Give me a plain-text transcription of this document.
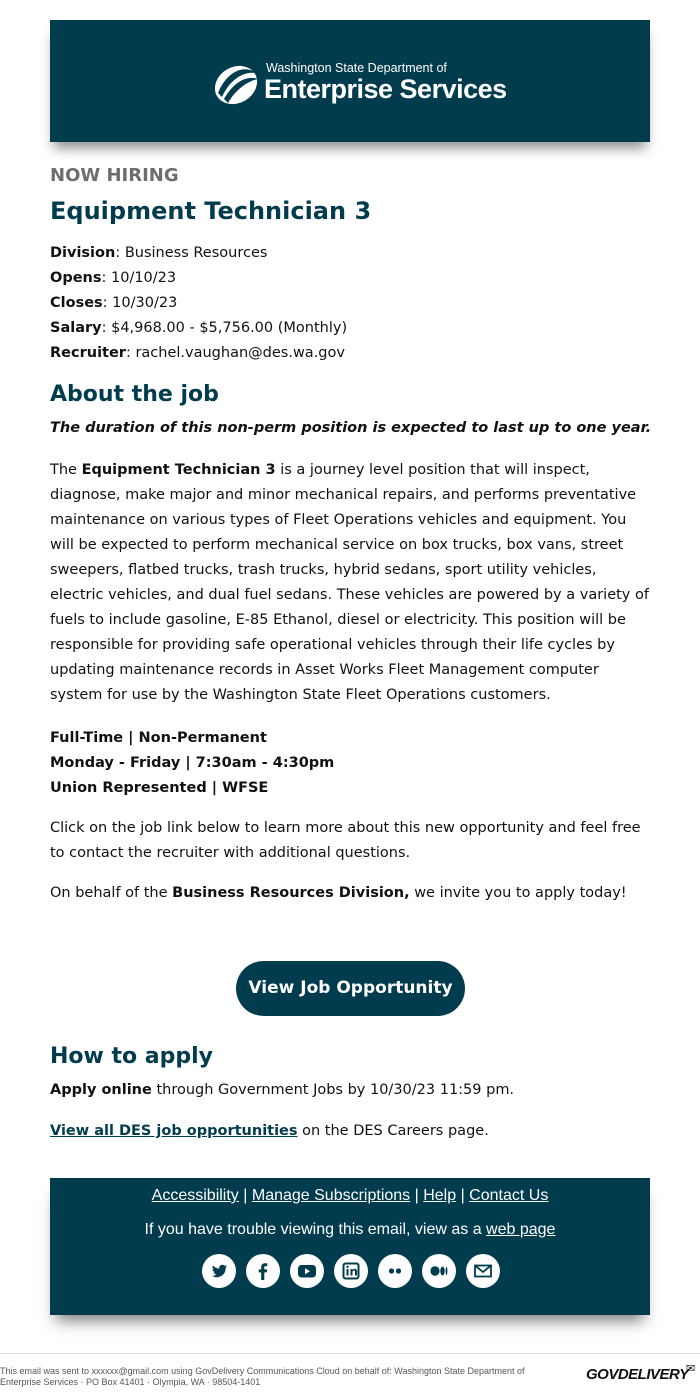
Washington State Department of
Enterprise Services
NOW HIRING
Equipment Technician 3
Division: Business Resources
Opens: 10/10/23
Closes: 10/30/23
Salary: $4,968.00 - $5,756.00 (Monthly)
Recruiter: rachel.vaughan@des.wa.gov
About the job
The duration of this non-perm position is expected to last up to one year.
The Equipment Technician 3 is a journey level position that will inspect, diagnose, make major and minor mechanical repairs, and performs preventative maintenance on various types of Fleet Operations vehicles and equipment. You will be expected to perform mechanical service on box trucks, box vans, street sweepers, flatbed trucks, trash trucks, hybrid sedans, sport utility vehicles, electric vehicles, and dual fuel sedans. These vehicles are powered by a variety of fuels to include gasoline, E-85 Ethanol, diesel or electricity. This position will be responsible for providing safe operational vehicles through their life cycles by updating maintenance records in Asset Works Fleet Management computer system for use by the Washington State Fleet Operations customers.
Full-Time | Non-Permanent
Monday - Friday | 7:30am - 4:30pm
Union Represented | WFSE
Click on the job link below to learn more about this new opportunity and feel free to contact the recruiter with additional questions.
On behalf of the Business Resources Division, we invite you to apply today!
View Job Opportunity
How to apply
Apply online through Government Jobs by 10/30/23 11:59 pm.
View all DES job opportunities on the DES Careers page.
Accessibility | Manage Subscriptions | Help | Contact Us
If you have trouble viewing this email, view as a web page
This email was sent to xxxxxx@gmail.com using GovDelivery Communications Cloud on behalf of: Washington State Department of
Enterprise Services · PO Box 41401 · Olympia, WA · 98504-1401	GOVDELIVERY
✉
